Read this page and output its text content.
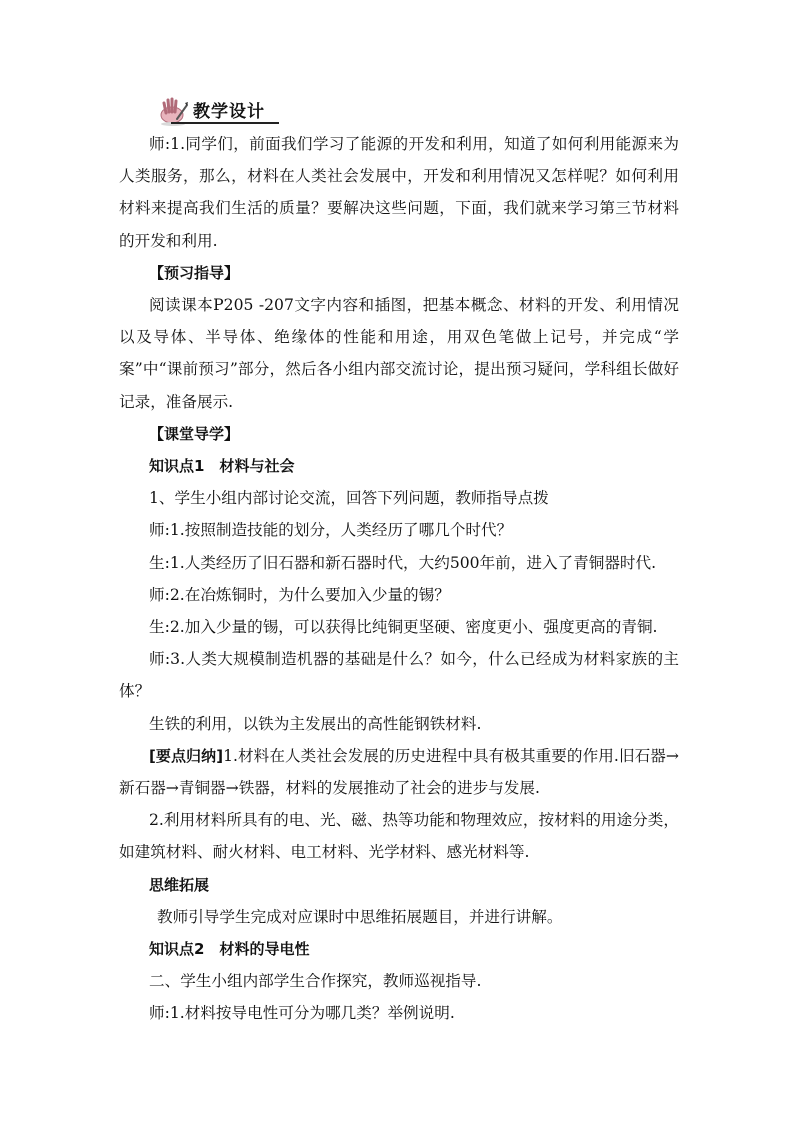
教学设计

师:1.同学们，前面我们学习了能源的开发和利用，知道了如何利用能源来为人类服务，那么，材料在人类社会发展中，开发和利用情况又怎样呢？如何利用材料来提高我们生活的质量？要解决这些问题，下面，我们就来学习第三节材料的开发和利用.

【预习指导】

阅读课本P205 -207文字内容和插图，把基本概念、材料的开发、利用情况以及导体、半导体、绝缘体的性能和用途，用双色笔做上记号，并完成“学案”中“课前预习”部分，然后各小组内部交流讨论，提出预习疑问，学科组长做好记录，准备展示.

【课堂导学】

知识点1　材料与社会

1、学生小组内部讨论交流，回答下列问题，教师指导点拨

师:1.按照制造技能的划分，人类经历了哪几个时代？

生:1.人类经历了旧石器和新石器时代，大约500年前，进入了青铜器时代.

师:2.在冶炼铜时，为什么要加入少量的锡？

生:2.加入少量的锡，可以获得比纯铜更坚硬、密度更小、强度更高的青铜.

师:3.人类大规模制造机器的基础是什么？如今，什么已经成为材料家族的主体？

生铁的利用，以铁为主发展出的高性能钢铁材料.

[要点归纳]1.材料在人类社会发展的历史进程中具有极其重要的作用.旧石器→新石器→青铜器→铁器，材料的发展推动了社会的进步与发展.

2.利用材料所具有的电、光、磁、热等功能和物理效应，按材料的用途分类，如建筑材料、耐火材料、电工材料、光学材料、感光材料等.

思维拓展

教师引导学生完成对应课时中思维拓展题目，并进行讲解。

知识点2　材料的导电性

二、学生小组内部学生合作探究，教师巡视指导.

师:1.材料按导电性可分为哪几类？举例说明.
